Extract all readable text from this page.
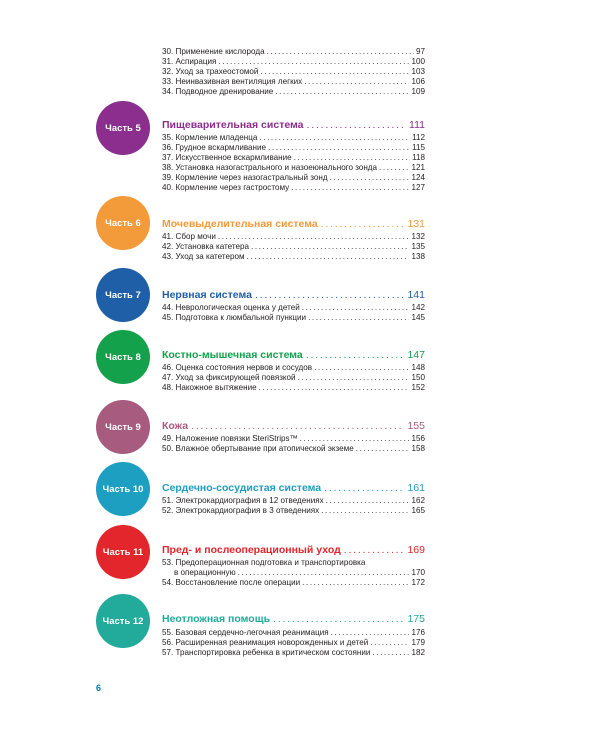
30. Применение кислорода .....	97
31. Аспирация .....	100
32. Уход за трахеостомой .....	103
33. Неинвазивная вентиляция легких .....	106
34. Подводное дренирование .....	109
Часть 5 Пищеварительная система .....	111
35. Кормление младенца .....	112
36. Грудное вскармливание .....	115
37. Искусственное вскармливание .....	118
38. Установка назогастрального и назоеюнального зонда .....	121
39. Кормление через назогастральный зонд .....	124
40. Кормление через гастростому .....	127
Часть 6 Мочевыделительная система .....	131
41. Сбор мочи .....	132
42. Установка катетера .....	135
43. Уход за катетером .....	138
Часть 7 Нервная система .....	141
44. Неврологическая оценка у детей .....	142
45. Подготовка к люмбальной пункции .....	145
Часть 8 Костно-мышечная система .....	147
46. Оценка состояния нервов и сосудов .....	148
47. Уход за фиксирующей повязкой .....	150
48. Накожное вытяжение .....	152
Часть 9 Кожа .....	155
49. Наложение повязки SteriStrips™ .....	156
50. Влажное обертывание при атопической экземе .....	158
Часть 10 Сердечно-сосудистая система .....	161
51. Электрокардиография в 12 отведениях .....	162
52. Электрокардиография в 3 отведениях .....	165
Часть 11 Пред- и послеоперационный уход .....	169
53. Предоперационная подготовка и транспортировка
в операционную .....	170
54. Восстановление после операции .....	172
Часть 12 Неотложная помощь .....	175
55. Базовая сердечно-легочная реанимация .....	176
56. Расширенная реанимация новорожденных и детей .....	179
57. Транспортировка ребенка в критическом состоянии .....	182
6
